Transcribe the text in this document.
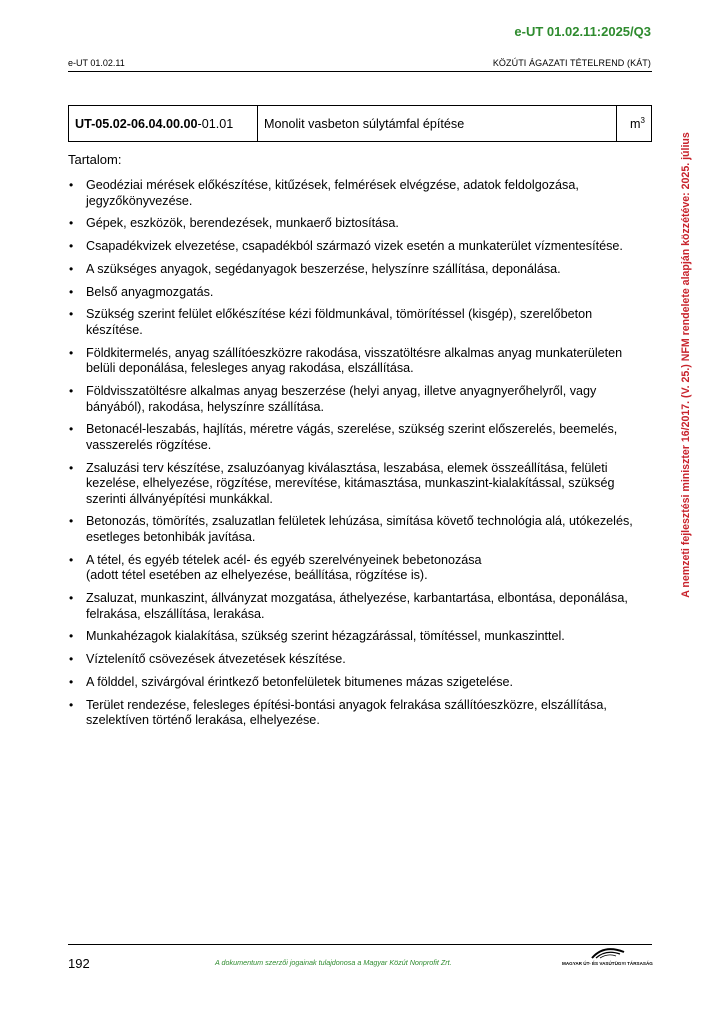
e-UT 01.02.11:2025/Q3
e-UT 01.02.11	KÖZÚTI ÁGAZATI TÉTELREND (KÁT)
A nemzeti fejlesztési miniszter 16/2017. (V. 25.) NFM rendelete alapján közzétéve: 2025. július
UT-05.02-06.04.00.00-01.01	Monolit vasbeton súlytámfal építése	$m^3$
Tartalom:
• Geodéziai mérések előkészítése, kitűzések, felmérések elvégzése, adatok feldolgozása, jegyzőkönyvezése.
• Gépek, eszközök, berendezések, munkaerő biztosítása.
• Csapadékvizek elvezetése, csapadékból származó vizek esetén a munkaterület vízmentesítése.
• A szükséges anyagok, segédanyagok beszerzése, helyszínre szállítása, deponálása.
• Belső anyagmozgatás.
• Szükség szerint felület előkészítése kézi földmunkával, tömörítéssel (kisgép), szerelőbeton készítése.
• Földkitermelés, anyag szállítóeszközre rakodása, visszatöltésre alkalmas anyag munkaterületen belüli deponálása, felesleges anyag rakodása, elszállítása.
• Földvisszatöltésre alkalmas anyag beszerzése (helyi anyag, illetve anyagnyerőhelyről, vagy bányából), rakodása, helyszínre szállítása.
• Betonacél-leszabás, hajlítás, méretre vágás, szerelése, szükség szerint előszerelés, beemelés, vasszerelés rögzítése.
• Zsaluzási terv készítése, zsaluzóanyag kiválasztása, leszabása, elemek összeállítása, felületi kezelése, elhelyezése, rögzítése, merevítése, kitámasztása, munkaszint-kialakítással, szükség szerinti állványépítési munkákkal.
• Betonozás, tömörítés, zsaluzatlan felületek lehúzása, simítása követő technológia alá, utókezelés, esetleges betonhibák javítása.
• A tétel, és egyéb tételek acél- és egyéb szerelvényeinek bebetonozása
(adott tétel esetében az elhelyezése, beállítása, rögzítése is).
• Zsaluzat, munkaszint, állványzat mozgatása, áthelyezése, karbantartása, elbontása, deponálása, felrakása, elszállítása, lerakása.
• Munkahézagok kialakítása, szükség szerint hézagzárással, tömítéssel, munkaszinttel.
• Víztelenítő csövezések átvezetések készítése.
• A földdel, szivárgóval érintkező betonfelületek bitumenes mázas szigetelése.
• Terület rendezése, felesleges építési-bontási anyagok felrakása szállítóeszközre, elszállítása, szelektíven történő lerakása, elhelyezése.
192	A dokumentum szerzői jogainak tulajdonosa a Magyar Közút Nonprofit Zrt.	MAGYAR ÚT- ÉS VASÚTÜGYI TÁRSASÁG
